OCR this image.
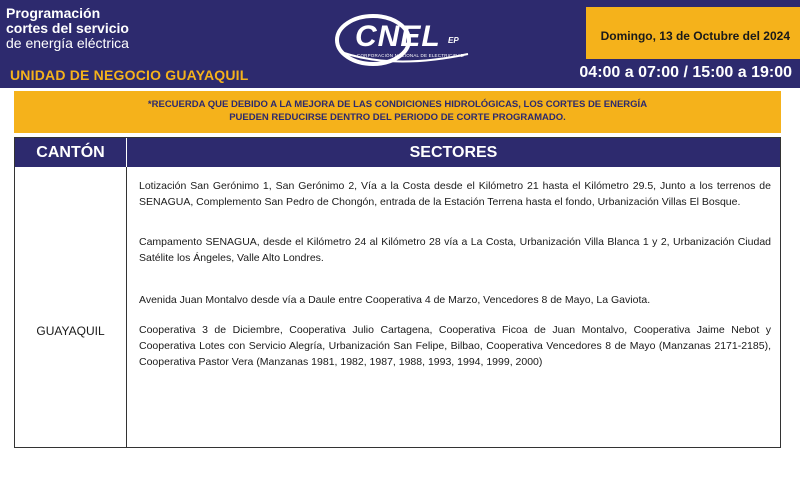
Programación
cortes del servicio
de energía eléctrica
UNIDAD DE NEGOCIO GUAYAQUIL
CNEL EP
CORPORACIÓN NACIONAL DE ELECTRICIDAD
Domingo, 13 de Octubre del 2024
04:00 a 07:00 / 15:00 a 19:00
*RECUERDA QUE DEBIDO A LA MEJORA DE LAS CONDICIONES HIDROLÓGICAS, LOS CORTES DE ENERGÍA
PUEDEN REDUCIRSE DENTRO DEL PERIODO DE CORTE PROGRAMADO.
CANTÓN	SECTORES
GUAYAQUIL

Lotización San Gerónimo 1, San Gerónimo 2, Vía a la Costa desde el Kilómetro 21 hasta el Kilómetro 29.5, Junto a los terrenos de SENAGUA, Complemento San Pedro de Chongón, entrada de la Estación Terrena hasta el fondo, Urbanización Villas El Bosque.

Campamento SENAGUA, desde el Kilómetro 24 al Kilómetro 28 vía a La Costa, Urbanización Villa Blanca 1 y 2, Urbanización Ciudad Satélite los Ángeles, Valle Alto Londres.

Avenida Juan Montalvo desde vía a Daule entre Cooperativa 4 de Marzo, Vencedores 8 de Mayo, La Gaviota.

Cooperativa 3 de Diciembre, Cooperativa Julio Cartagena, Cooperativa Ficoa de Juan Montalvo, Cooperativa Jaime Nebot y Cooperativa Lotes con Servicio Alegría, Urbanización San Felipe, Bilbao, Cooperativa Vencedores 8 de Mayo (Manzanas 2171-2185), Cooperativa Pastor Vera (Manzanas 1981, 1982, 1987, 1988, 1993, 1994, 1999, 2000)
